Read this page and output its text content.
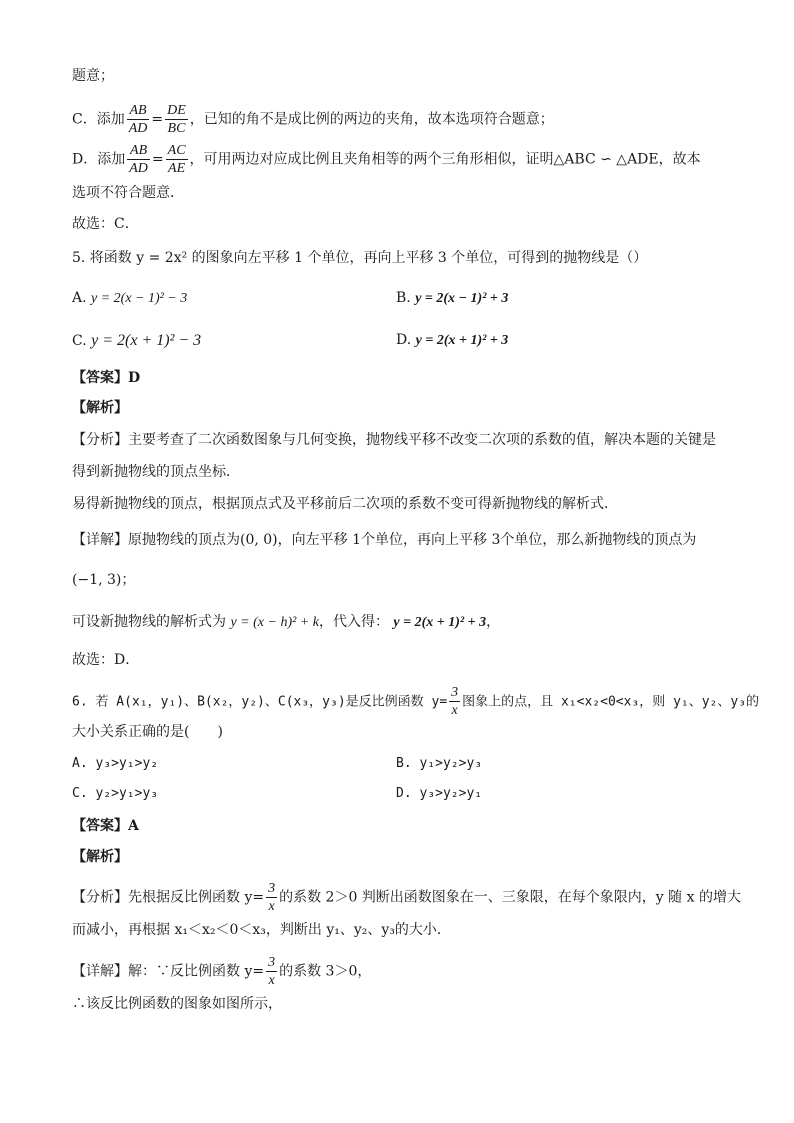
题意；
C．添加 $\frac{AB}{AD} = \frac{DE}{BC}$ ，已知的角不是成比例的两边的夹角，故本选项符合题意；
D．添加 $\frac{AB}{AD} = \frac{AC}{AE}$ ，可用两边对应成比例且夹角相等的两个三角形相似，证明△ABC ∽ △ADE，故本
选项不符合题意．
故选：C．
5. 将函数 y = 2x² 的图象向左平移 1 个单位，再向上平移 3 个单位，可得到的抛物线是（）
A. y = 2(x − 1)² − 3	B. y = 2(x − 1)² + 3
C. y = 2(x + 1)² − 3	D. y = 2(x + 1)² + 3
【答案】D
【解析】
【分析】主要考查了二次函数图象与几何变换，抛物线平移不改变二次项的系数的值，解决本题的关键是
得到新抛物线的顶点坐标．
易得新抛物线的顶点，根据顶点式及平移前后二次项的系数不变可得新抛物线的解析式．
【详解】原抛物线的顶点为(0, 0)，向左平移 1个单位，再向上平移 3个单位，那么新抛物线的顶点为
(−1, 3)；
可设新抛物线的解析式为 y = (x − h)² + k，代入得： y = 2(x + 1)² + 3，
故选：D．
6. 若 A(x₁，y₁)、B(x₂，y₂)、C(x₃，y₃)是反比例函数 $y= \frac{3}{x}$ 图象上的点，且 x₁<x₂<0<x₃，则 y₁、y₂、y₃的
大小关系正确的是(　　)
A. y₃>y₁>y₂	B. y₁>y₂>y₃
C. y₂>y₁>y₃	D. y₃>y₂>y₁
【答案】A
【解析】
【分析】先根据反比例函数 $y= \frac{3}{x}$ 的系数 2＞0 判断出函数图象在一、三象限，在每个象限内，y 随 x 的增大
而减小，再根据 x₁＜x₂＜0＜x₃，判断出 y₁、y₂、y₃的大小．
【详解】解：∵反比例函数 $y= \frac{3}{x}$ 的系数 3＞0，
∴该反比例函数的图象如图所示，
